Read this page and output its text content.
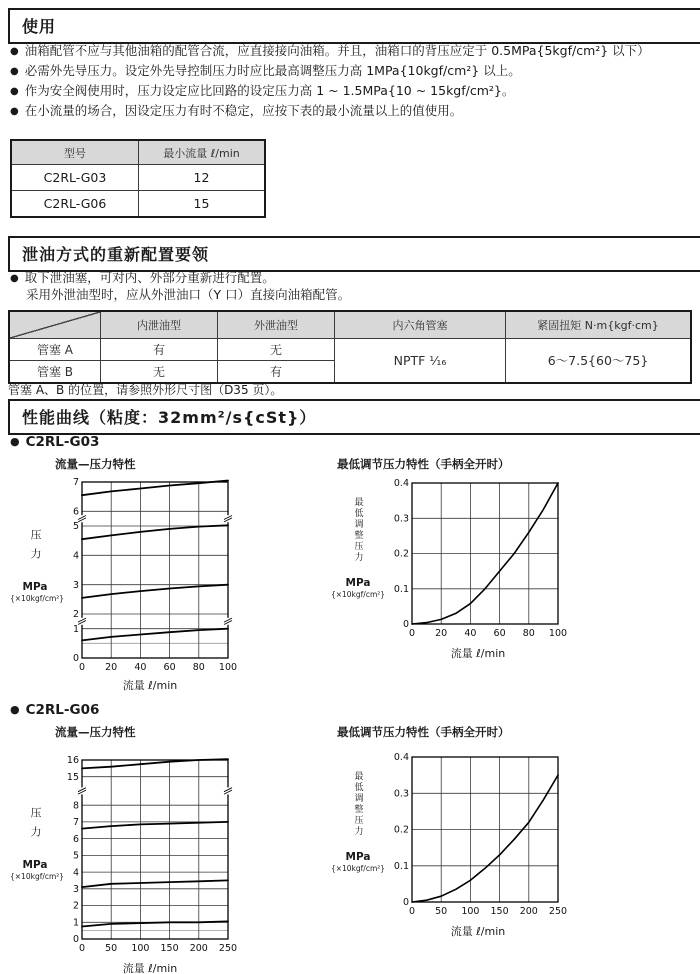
使用
● 油箱配管不应与其他油箱的配管合流，应直接接向油箱。并且，油箱口的背压应定于 0.5MPa{5kgf/cm²} 以下）
● 必需外先导压力。设定外先导控制压力时应比最高调整压力高 1MPa{10kgf/cm²} 以上。
● 作为安全阀使用时，压力设定应比回路的设定压力高 1 ~ 1.5MPa{10 ~ 15kgf/cm²}。
● 在小流量的场合，因设定压力有时不稳定，应按下表的最小流量以上的值使用。
型号	最小流量 ℓ/min
C2RL-G03	12
C2RL-G06	15
泄油方式的重新配置要领
● 取下泄油塞，可对内、外部分重新进行配置。
采用外泄油型时，应从外泄油口（Y 口）直接向油箱配管。
	内泄油型	外泄油型	内六角管塞	紧固扭矩 N·m{kgf·cm}
管塞 A	有	无	NPTF ¹⁄₁₆	6～7.5{60～75}
管塞 B	无	有		
管塞 A、B 的位置，请参照外形尺寸图（D35 页）。
性能曲线（粘度：32mm²/s{cSt}）
● C2RL-G03
● C2RL-G06
流量—压力特性	最低调节压力特性（手柄全开时）
流量—压力特性	最低调节压力特性（手柄全开时）
压力
MPa
{×10kgf/cm²}
0
1
2
3
4
5
6
7
0 20 40 60 80 100
流量 ℓ/min
最低调整压力
MPa
{×10kgf/cm²}
0
0.1
0.2
0.3
0.4
0 20 40 60 80 100
流量 ℓ/min
压力
MPa
{×10kgf/cm²}
0
1
2
3
4
5
6
7
8
15
16
0 50 100 150 200 250
流量 ℓ/min
最低调整压力
MPa
{×10kgf/cm²}
0
0.1
0.2
0.3
0.4
0 50 100 150 200 250
流量 ℓ/min
